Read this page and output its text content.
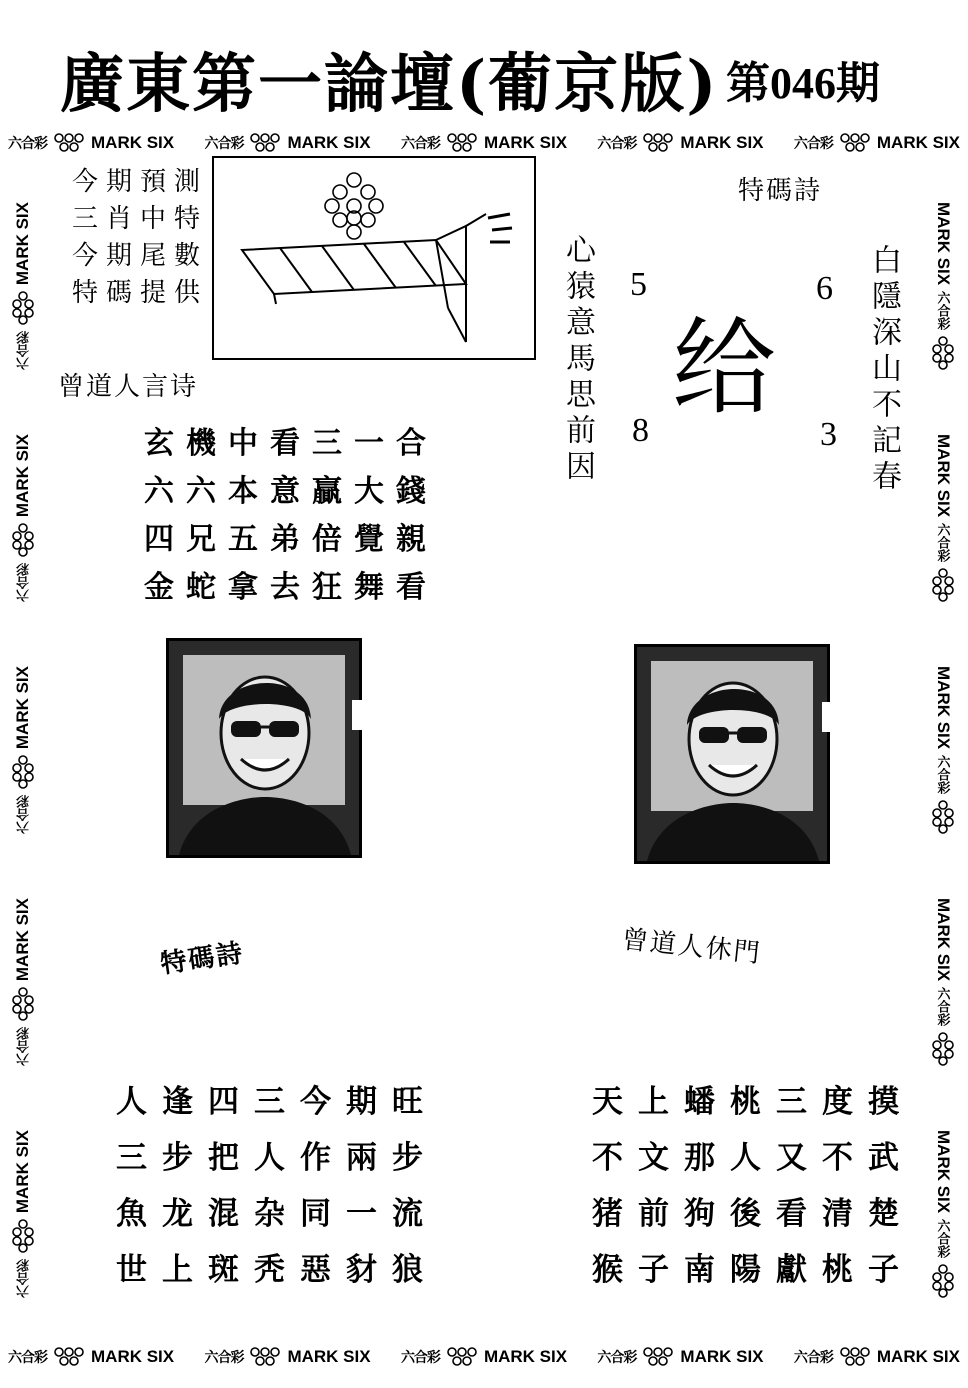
廣東第一論壇(葡京版) 第046期
六合彩	MARK SIX 六合彩	MARK SIX 六合彩	MARK SIX 六合彩	MARK SIX 六合彩	MARK SIX
六合彩	MARK SIX 六合彩	MARK SIX 六合彩	MARK SIX 六合彩	MARK SIX 六合彩	MARK SIX
MARK SIX
六合彩
MARK SIX
六合彩
MARK SIX
六合彩
MARK SIX
六合彩
MARK SIX
六合彩
MARK SIX
六合彩
MARK SIX
六合彩
MARK SIX
六合彩
MARK SIX
六合彩
MARK SIX
六合彩
今期預測
三肖中特
今期尾數
特碼提供
曾道人言诗
玄機中看三一合
六六本意贏大錢
四兄五弟倍覺親
金蛇拿去狂舞看
特碼詩
心猿意馬思前因	白隱深山不記春
5	6
8	3
给
特碼詩
人逢四三今期旺
三步把人作兩步
魚龙混杂同一流
世上斑秃惡豺狼
曾道人休門
天上蟠桃三度摸
不文那人又不武
猪前狗後看清楚
猴子南陽獻桃子
